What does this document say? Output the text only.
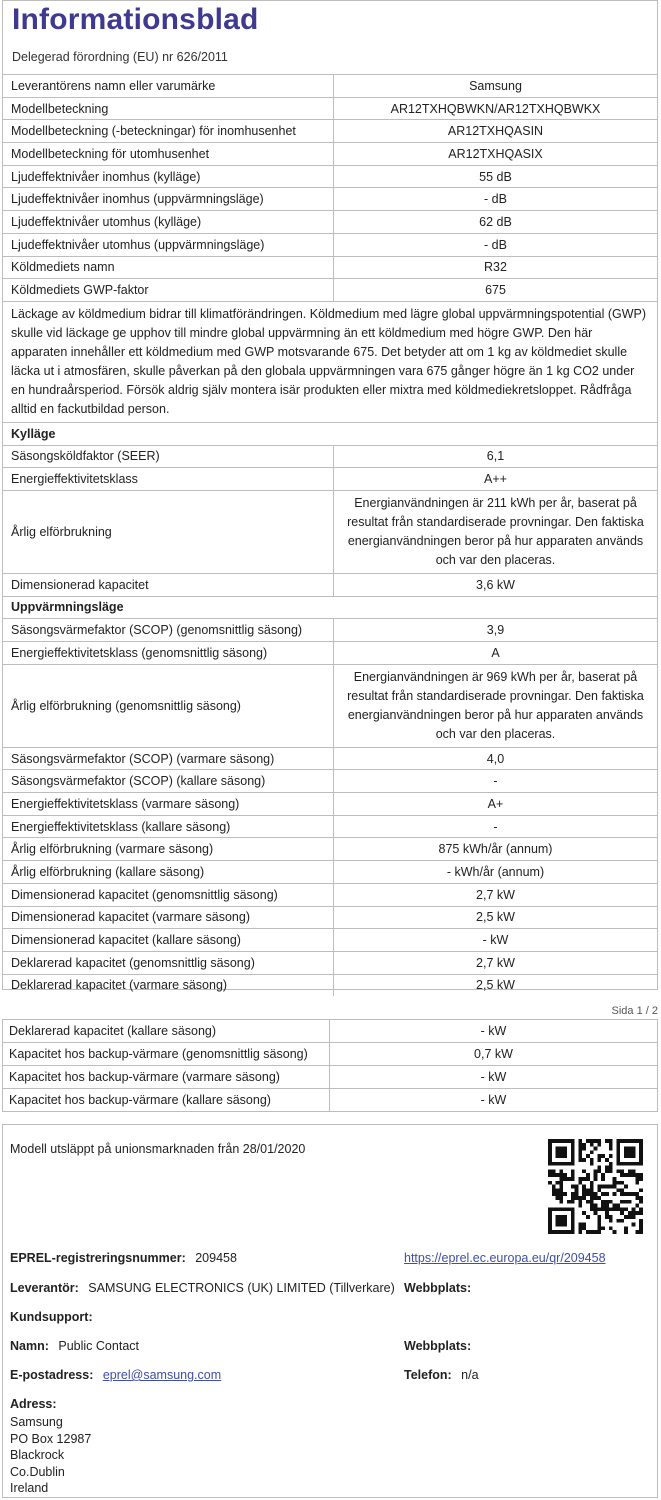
Informationsblad
Delegerad förordning (EU) nr 626/2011
Leverantörens namn eller varumärke	Samsung
Modellbeteckning	AR12TXHQBWKN/AR12TXHQBWKX
Modellbeteckning (-beteckningar) för inomhusenhet	AR12TXHQASIN
Modellbeteckning för utomhusenhet	AR12TXHQASIX
Ljudeffektnivåer inomhus (kylläge)	55 dB
Ljudeffektnivåer inomhus (uppvärmningsläge)	- dB
Ljudeffektnivåer utomhus (kylläge)	62 dB
Ljudeffektnivåer utomhus (uppvärmningsläge)	- dB
Köldmediets namn	R32
Köldmediets GWP-faktor	675
Läckage av köldmedium bidrar till klimatförändringen. Köldmedium med lägre global uppvärmningspotential (GWP) skulle vid läckage ge upphov till mindre global uppvärmning än ett köldmedium med högre GWP. Den här apparaten innehåller ett köldmedium med GWP motsvarande 675. Det betyder att om 1 kg av köldmediet skulle läcka ut i atmosfären, skulle påverkan på den globala uppvärmningen vara 675 gånger högre än 1 kg CO2 under en hundraårsperiod. Försök aldrig själv montera isär produkten eller mixtra med köldmediekretsloppet. Rådfråga alltid en fackutbildad person.	
Kylläge	
Säsongsköldfaktor (SEER)	6,1
Energieffektivitetsklass	A++
Årlig elförbrukning	Energianvändningen är 211 kWh per år, baserat på resultat från standardiserade provningar. Den faktiska energianvändningen beror på hur apparaten används och var den placeras.
Dimensionerad kapacitet	3,6 kW
Uppvärmningsläge	
Säsongsvärmefaktor (SCOP) (genomsnittlig säsong)	3,9
Energieffektivitetsklass (genomsnittlig säsong)	A
Årlig elförbrukning (genomsnittlig säsong)	Energianvändningen är 969 kWh per år, baserat på resultat från standardiserade provningar. Den faktiska energianvändningen beror på hur apparaten används och var den placeras.
Säsongsvärmefaktor (SCOP) (varmare säsong)	4,0
Säsongsvärmefaktor (SCOP) (kallare säsong)	-
Energieffektivitetsklass (varmare säsong)	A+
Energieffektivitetsklass (kallare säsong)	-
Årlig elförbrukning (varmare säsong)	875 kWh/år (annum)
Årlig elförbrukning (kallare säsong)	- kWh/år (annum)
Dimensionerad kapacitet (genomsnittlig säsong)	2,7 kW
Dimensionerad kapacitet (varmare säsong)	2,5 kW
Dimensionerad kapacitet (kallare säsong)	- kW
Deklarerad kapacitet (genomsnittlig säsong)	2,7 kW
Deklarerad kapacitet (varmare säsong)	2,5 kW
Sida 1 / 2
Deklarerad kapacitet (kallare säsong)	- kW
Kapacitet hos backup-värmare (genomsnittlig säsong)	0,7 kW
Kapacitet hos backup-värmare (varmare säsong)	- kW
Kapacitet hos backup-värmare (kallare säsong)	- kW
Modell utsläppt på unionsmarknaden från 28/01/2020
EPREL-registreringsnummer: 209458	https://eprel.ec.europa.eu/qr/209458
Leverantör: SAMSUNG ELECTRONICS (UK) LIMITED (Tillverkare) Webbplats:
Kundsupport:
Namn: Public Contact	Webbplats:
E-postadress: eprel@samsung.com	Telefon: n/a
Adress:
Samsung
PO Box 12987
Blackrock
Co.Dublin
Ireland
